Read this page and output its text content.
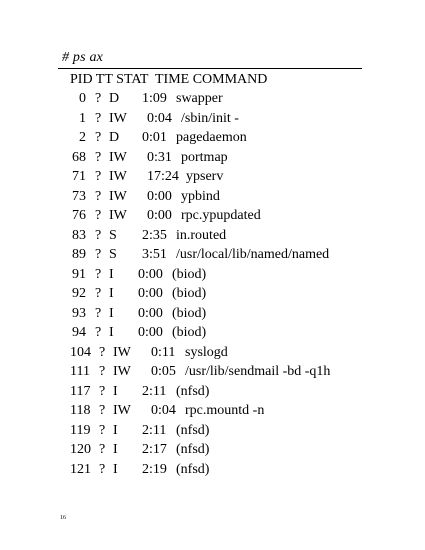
# ps ax
PID TT STAT  TIME COMMAND
0 ? D 1:09 swapper
1 ? IW 0:04 /sbin/init -
2 ? D 0:01 pagedaemon
68 ? IW 0:31 portmap
71 ? IW 17:24 ypserv
73 ? IW 0:00 ypbind
76 ? IW 0:00 rpc.ypupdated
83 ? S 2:35 in.routed
89 ? S 3:51 /usr/local/lib/named/named
91 ? I 0:00 (biod)
92 ? I 0:00 (biod)
93 ? I 0:00 (biod)
94 ? I 0:00 (biod)
104 ? IW 0:11 syslogd
111 ? IW 0:05 /usr/lib/sendmail -bd -q1h
117 ? I 2:11 (nfsd)
118 ? IW 0:04 rpc.mountd -n
119 ? I 2:11 (nfsd)
120 ? I 2:17 (nfsd)
121 ? I 2:19 (nfsd)
16
